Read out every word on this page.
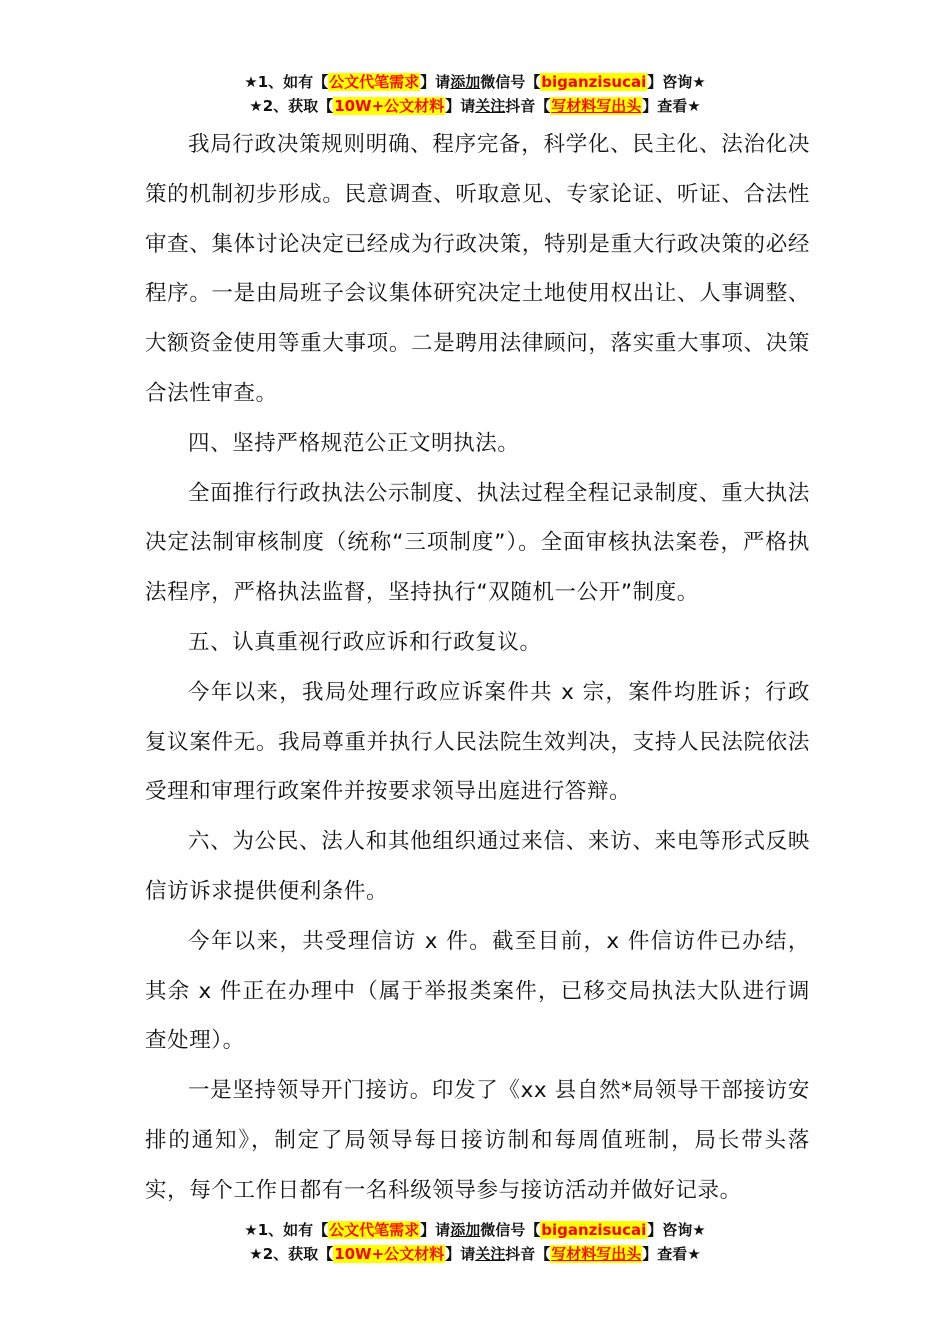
★1、如有【公文代笔需求】请添加微信号【biganzisucai】咨询★
★2、获取【10W+公文材料】请关注抖音【写材料写出头】查看★

我局行政决策规则明确、程序完备，科学化、民主化、法治化决策的机制初步形成。民意调查、听取意见、专家论证、听证、合法性审查、集体讨论决定已经成为行政决策，特别是重大行政决策的必经程序。一是由局班子会议集体研究决定土地使用权出让、人事调整、大额资金使用等重大事项。二是聘用法律顾问，落实重大事项、决策合法性审查。

四、坚持严格规范公正文明执法。

全面推行行政执法公示制度、执法过程全程记录制度、重大执法决定法制审核制度（统称“三项制度”）。全面审核执法案卷，严格执法程序，严格执法监督，坚持执行“双随机一公开”制度。

五、认真重视行政应诉和行政复议。

今年以来，我局处理行政应诉案件共 x 宗，案件均胜诉；行政复议案件无。我局尊重并执行人民法院生效判决，支持人民法院依法受理和审理行政案件并按要求领导出庭进行答辩。

六、为公民、法人和其他组织通过来信、来访、来电等形式反映信访诉求提供便利条件。

今年以来，共受理信访 x 件。截至目前，x 件信访件已办结，其余 x 件正在办理中（属于举报类案件，已移交局执法大队进行调查处理）。

一是坚持领导开门接访。印发了《xx 县自然*局领导干部接访安排的通知》，制定了局领导每日接访制和每周值班制，局长带头落实，每个工作日都有一名科级领导参与接访活动并做好记录。

★1、如有【公文代笔需求】请添加微信号【biganzisucai】咨询★
★2、获取【10W+公文材料】请关注抖音【写材料写出头】查看★
